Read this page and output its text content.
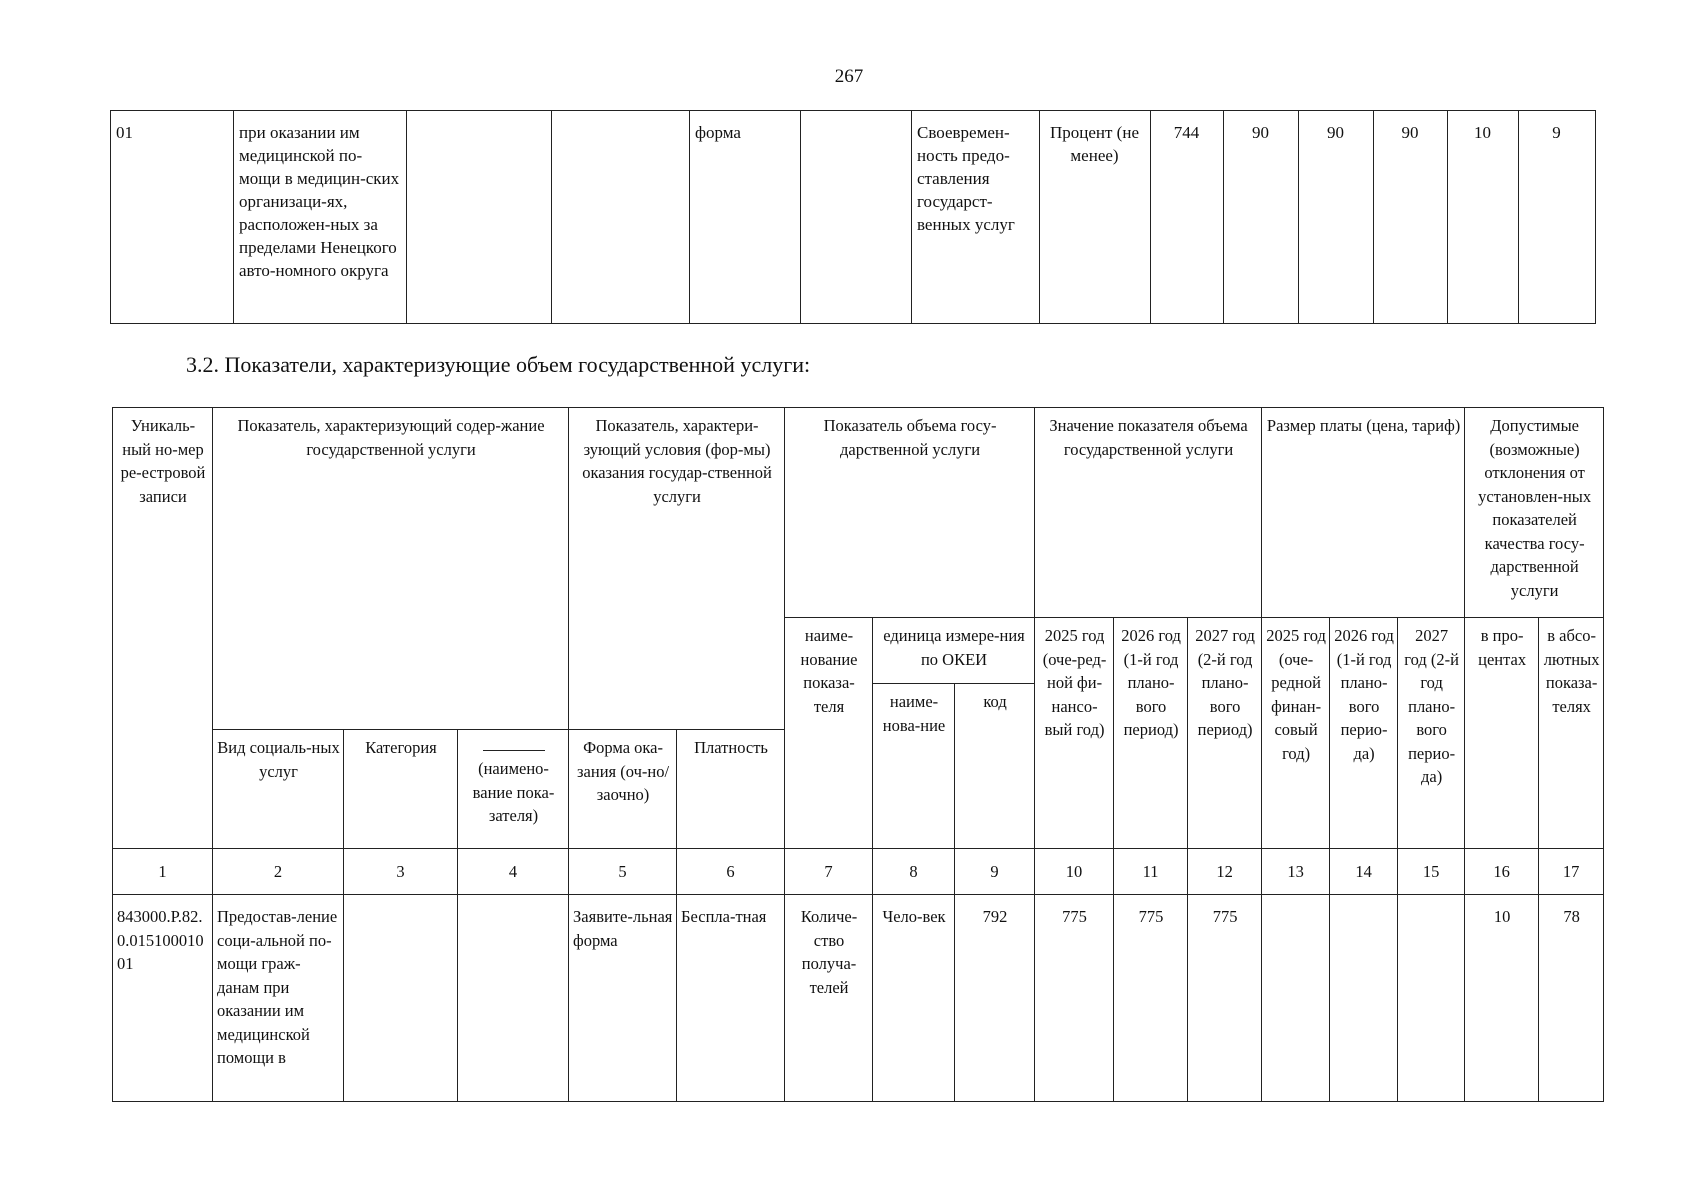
267
01	при оказании им медицинской по-мощи в медицин-ских организаци-ях, расположен-ных за пределами Ненецкого авто-номного округа			форма		Своевремен-ность предо-ставления государст-венных услуг	Процент (не менее)	744	90	90	90	10	9
3.2. Показатели, характеризующие объем государственной услуги:
Уникаль-ный но-мер ре-естровой записи	Показатель, характеризующий содер-жание государственной услуги			Показатель, характери-зующий условия (фор-мы) оказания государ-ственной услуги		Показатель объема госу-дарственной услуги			Значение показателя объема государственной услуги			Размер платы (цена, тариф)			Допустимые (возможные) отклонения от установлен-ных показателей качества госу-дарственной услуги	
						наиме-нование показа-теля	единица измере-ния по ОКЕИ		2025 год (оче-ред-ной фи-нансо-вый год)	2026 год (1-й год плано-вого период)	2027 год (2-й год плано-вого период)	2025 год (оче-редной финан-совый год)	2026 год (1-й год плано-вого перио-да)	2027 год (2-й год плано-вого перио-да)	в про-центах	в абсо-лютных показа-телях
							наиме-нова-ние	код								
	Вид социаль-ных услуг	Категория	(наимено-вание пока-зателя)	Форма ока-зания (оч-но/заочно)	Платность											
1	2	3	4	5	6	7	8	9	10	11	12	13	14	15	16	17
843000.Р.82.0.01510001001	Предостав-ление соци-альной по-мощи граж-данам при оказании им медицинской помощи в			Заявите-льная форма	Беспла-тная	Количе-ство получа-телей	Чело-век	792	775	775	775				10	78
